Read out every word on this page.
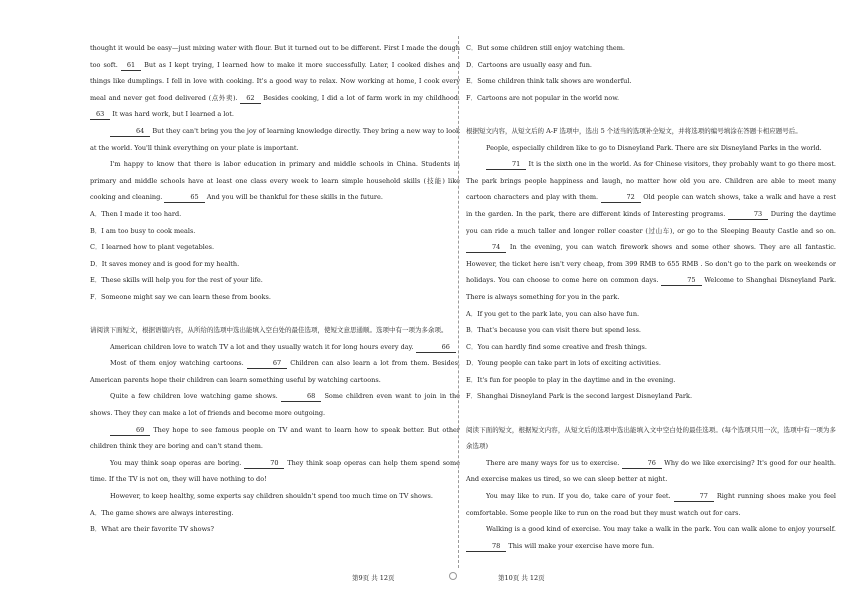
thought it would be easy—just mixing water with flour. But it turned out to be different. First I made the dough too soft. 61 But as I kept trying, I learned how to make it more successfully. Later, I cooked dishes and things like dumplings. I fell in love with cooking. It's a good way to relax. Now working at home, I cook every meal and never get food delivered (点外卖). 62 Besides cooking, I did a lot of farm work in my childhood. 63 It was hard work, but I learned a lot.

64 But they can't bring you the joy of learning knowledge directly. They bring a new way to look at the world. You'll think everything on your plate is important.

I'm happy to know that there is labor education in primary and middle schools in China. Students in primary and middle schools have at least one class every week to learn simple household skills (技能) like cooking and cleaning.	65 And you will be thankful for these skills in the future.

A．Then I made it too hard.

B．I am too busy to cook meals.

C．I learned how to plant vegetables.

D．It saves money and is good for my health.

E．These skills will help you for the rest of your life.

F．Someone might say we can learn these from books.

请阅读下面短文，根据语篇内容，从所给的选项中选出能填入空白处的最佳选项，使短文意思通顺。选项中有一项为多余项。

American children love to watch TV a lot and they usually watch it for long hours every day.	66

Most of them enjoy watching cartoons.	67 Children can also learn a lot from them. Besides, American parents hope their children can learn something useful by watching cartoons.

Quite a few children love watching game shows.	68 Some children even want to join in the shows. They they can make a lot of friends and become more outgoing.

69 They hope to see famous people on TV and want to learn how to speak better. But other children think they are boring and can't stand them.

You may think soap operas are boring.	70 They think soap operas can help them spend some time. If the TV is not on, they will have nothing to do!

However, to keep healthy, some experts say children shouldn't spend too much time on TV shows.

A．The game shows are always interesting.

B．What are their favorite TV shows?

C．But some children still enjoy watching them.

D．Cartoons are usually easy and fun.

E．Some children think talk shows are wonderful.

F．Cartoons are not popular in the world now.

根据短文内容，从短文后的 A-F 选项中，选出 5 个适当的选项补全短文，并将选项的编号填涂在答题卡相应题号后。

People, especially children like to go to Disneyland Park. There are six Disneyland Parks in the world.

71 It is the sixth one in the world. As for Chinese visitors, they probably want to go there most. The park brings people happiness and laugh, no matter how old you are. Children are able to meet many cartoon characters and play with them.	72 Old people can watch shows, take a walk and have a rest in the garden. In the park, there are different kinds of Interesting programs.	73 During the daytime you can ride a much taller and longer roller coaster (过山车), or go to the Sleeping Beauty Castle and so on. 74 In the evening, you can watch firework shows and some other shows. They are all fantastic. However, the ticket here isn't very cheap, from 399 RMB to 655 RMB . So don't go to the park on weekends or holidays. You can choose to come here on common days.	75 Welcome to Shanghai Disneyland Park. There is always something for you in the park.

A．If you get to the park late, you can also have fun.

B．That's because you can visit there but spend less.

C．You can hardly find some creative and fresh things.

D．Young people can take part in lots of exciting activities.

E．It's fun for people to play in the daytime and in the evening.

F．Shanghai Disneyland Park is the second largest Disneyland Park.

阅读下面的短文，根据短文内容，从短文后的选项中选出能填入文中空白处的最佳选项。(每个选项只用一次，选项中有一项为多余选项)

There are many ways for us to exercise.	76 Why do we like exercising? It's good for our health. And exercise makes us tired, so we can sleep better at night.

You may like to run. If you do, take care of your feet.	77 Right running shoes make you feel comfortable. Some people like to run on the road but they must watch out for cars.

Walking is a good kind of exercise. You may take a walk in the park. You can walk alone to enjoy yourself. 78 This will make your exercise have more fun.

第9页 共 12页	第10页 共 12页
